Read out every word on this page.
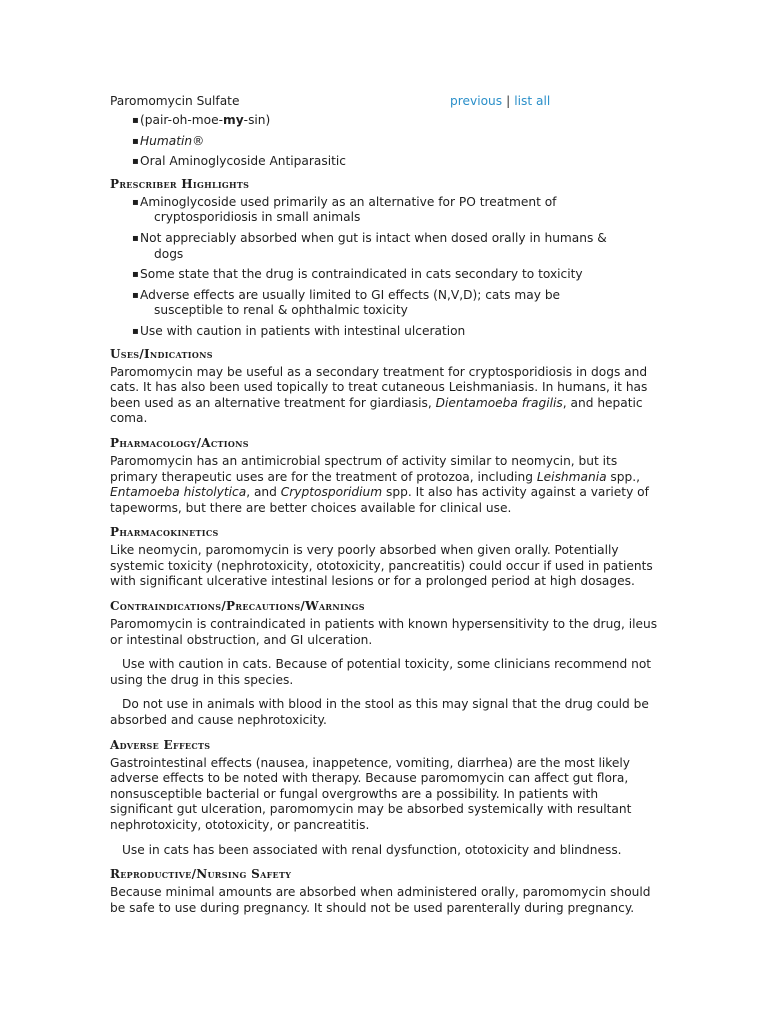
Paromomycin Sulfate	previous | list all
▪ (pair-oh-moe-my-sin)
▪ Humatin®
▪ Oral Aminoglycoside Antiparasitic
Prescriber Highlights
▪ Aminoglycoside used primarily as an alternative for PO treatment of
cryptosporidiosis in small animals
▪ Not appreciably absorbed when gut is intact when dosed orally in humans &
dogs
▪ Some state that the drug is contraindicated in cats secondary to toxicity
▪ Adverse effects are usually limited to GI effects (N,V,D); cats may be
susceptible to renal & ophthalmic toxicity
▪ Use with caution in patients with intestinal ulceration
Uses/Indications

Paromomycin may be useful as a secondary treatment for cryptosporidiosis in dogs and cats. It has also been used topically to treat cutaneous Leishmaniasis. In humans, it has been used as an alternative treatment for giardiasis, Dientamoeba fragilis, and hepatic coma.

Pharmacology/Actions

Paromomycin has an antimicrobial spectrum of activity similar to neomycin, but its primary therapeutic uses are for the treatment of protozoa, including Leishmania spp., Entamoeba histolytica, and Cryptosporidium spp. It also has activity against a variety of tapeworms, but there are better choices available for clinical use.

Pharmacokinetics

Like neomycin, paromomycin is very poorly absorbed when given orally. Potentially systemic toxicity (nephrotoxicity, ototoxicity, pancreatitis) could occur if used in patients with significant ulcerative intestinal lesions or for a prolonged period at high dosages.

Contraindications/Precautions/Warnings

Paromomycin is contraindicated in patients with known hypersensitivity to the drug, ileus or intestinal obstruction, and GI ulceration.

Use with caution in cats. Because of potential toxicity, some clinicians recommend not using the drug in this species.

Do not use in animals with blood in the stool as this may signal that the drug could be absorbed and cause nephrotoxicity.

Adverse Effects

Gastrointestinal effects (nausea, inappetence, vomiting, diarrhea) are the most likely adverse effects to be noted with therapy. Because paromomycin can affect gut flora, nonsusceptible bacterial or fungal overgrowths are a possibility. In patients with significant gut ulceration, paromomycin may be absorbed systemically with resultant nephrotoxicity, ototoxicity, or pancreatitis.

Use in cats has been associated with renal dysfunction, ototoxicity and blindness.

Reproductive/Nursing Safety

Because minimal amounts are absorbed when administered orally, paromomycin should be safe to use during pregnancy. It should not be used parenterally during pregnancy.
